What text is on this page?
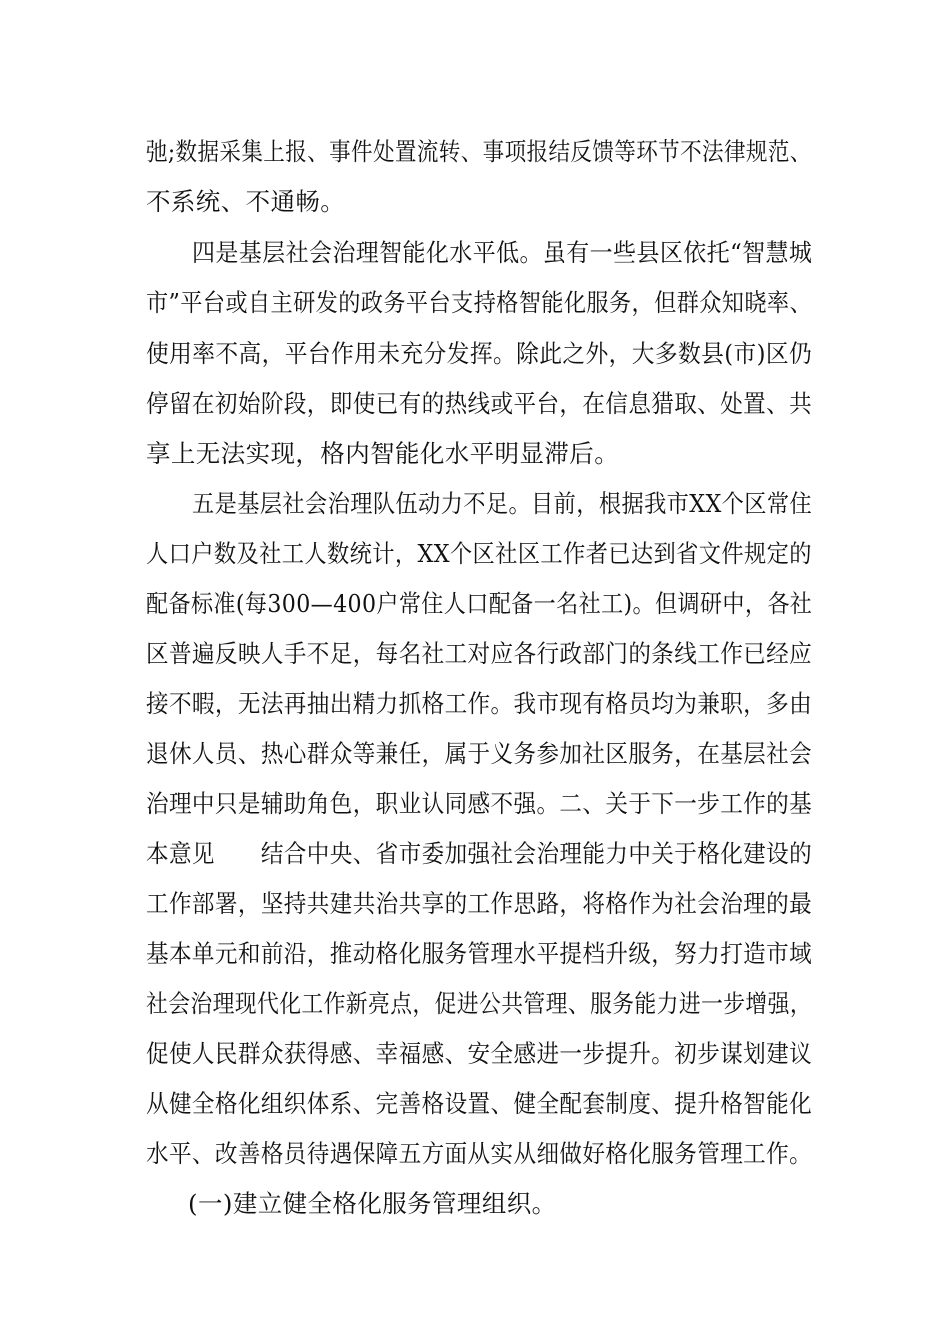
弛;数据采集上报、事件处置流转、事项报结反馈等环节不法律规范、
不系统、不通畅。
四是基层社会治理智能化水平低。虽有一些县区依托“智慧城
市”平台或自主研发的政务平台支持格智能化服务，但群众知晓率、
使用率不高，平台作用未充分发挥。除此之外，大多数县(市)区仍
停留在初始阶段，即使已有的热线或平台，在信息猎取、处置、共
享上无法实现，格内智能化水平明显滞后。
五是基层社会治理队伍动力不足。目前，根据我市XX个区常住
人口户数及社工人数统计，XX个区社区工作者已达到省文件规定的
配备标准(每300—400户常住人口配备一名社工)。但调研中，各社
区普遍反映人手不足，每名社工对应各行政部门的条线工作已经应
接不暇，无法再抽出精力抓格工作。我市现有格员均为兼职，多由
退休人员、热心群众等兼任，属于义务参加社区服务，在基层社会
治理中只是辅助角色，职业认同感不强。二、关于下一步工作的基
本意见　　结合中央、省市委加强社会治理能力中关于格化建设的
工作部署，坚持共建共治共享的工作思路，将格作为社会治理的最
基本单元和前沿，推动格化服务管理水平提档升级，努力打造市域
社会治理现代化工作新亮点，促进公共管理、服务能力进一步增强，
促使人民群众获得感、幸福感、安全感进一步提升。初步谋划建议
从健全格化组织体系、完善格设置、健全配套制度、提升格智能化
水平、改善格员待遇保障五方面从实从细做好格化服务管理工作。
(一)建立健全格化服务管理组织。
